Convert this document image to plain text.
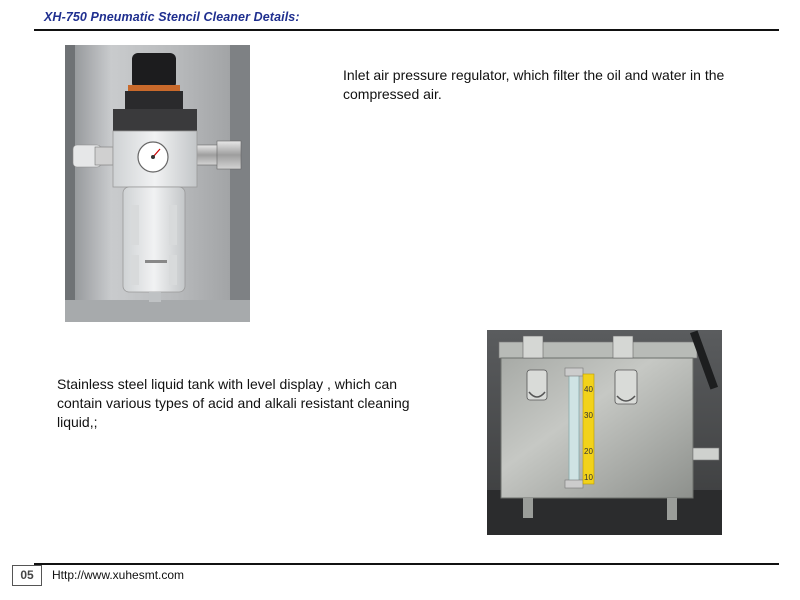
XH-750 Pneumatic Stencil Cleaner Details:
Inlet air pressure regulator, which filter the oil and water in the compressed air.
Stainless steel liquid tank with level display , which can contain various types of acid and alkali resistant cleaning liquid,;
40
30
20
10
05	Http://www.xuhesmt.com
